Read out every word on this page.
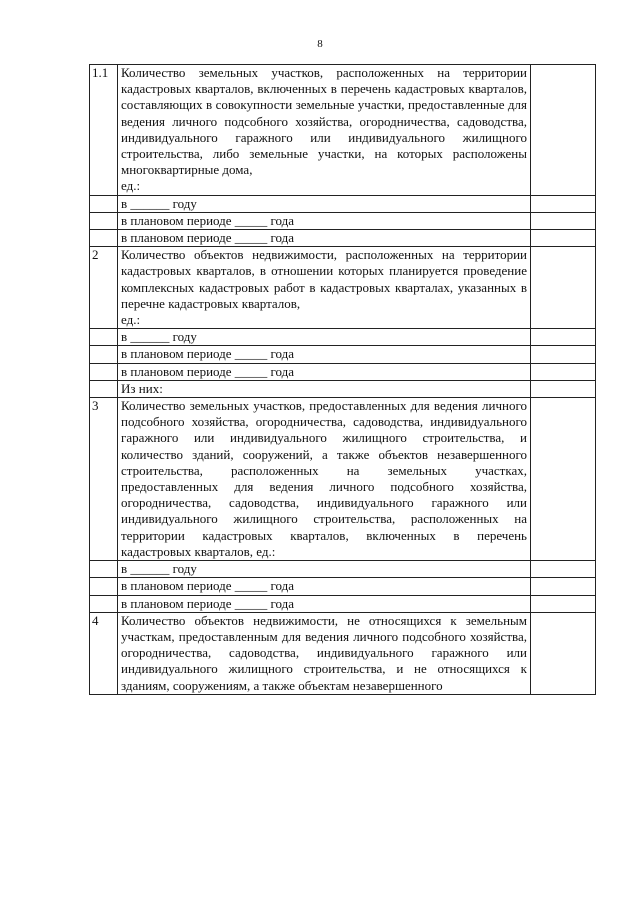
8
1.1	Количество земельных участков, расположенных на территории кадастровых кварталов, включенных в перечень кадастровых кварталов, составляющих в совокупности земельные участки, предоставленные для ведения личного подсобного хозяйства, огородничества, садоводства, индивидуального гаражного или индивидуального жилищного строительства, либо земельные участки, на которых расположены многоквартирные дома,
ед.:	
	в ______ году	
	в плановом периоде _____ года	
	в плановом периоде _____ года	
2	Количество объектов недвижимости, расположенных на территории кадастровых кварталов, в отношении которых планируется проведение комплексных кадастровых работ в кадастровых кварталах, указанных в перечне кадастровых кварталов,
ед.:	
	в ______ году	
	в плановом периоде _____ года	
	в плановом периоде _____ года	
	Из них:	
3	Количество земельных участков, предоставленных для ведения личного подсобного хозяйства, огородничества, садоводства, индивидуального гаражного или индивидуального жилищного строительства, и количество зданий, сооружений, а также объектов незавершенного строительства, расположенных на земельных участках, предоставленных для ведения личного подсобного хозяйства, огородничества, садоводства, индивидуального гаражного или индивидуального жилищного строительства, расположенных на территории кадастровых кварталов, включенных в перечень кадастровых кварталов, ед.:	
	в ______ году	
	в плановом периоде _____ года	
	в плановом периоде _____ года	
4	Количество объектов недвижимости, не относящихся к земельным участкам, предоставленным для ведения личного подсобного хозяйства, огородничества, садоводства, индивидуального гаражного или индивидуального жилищного строительства, и не относящихся к зданиям, сооружениям, а также объектам незавершенного	
